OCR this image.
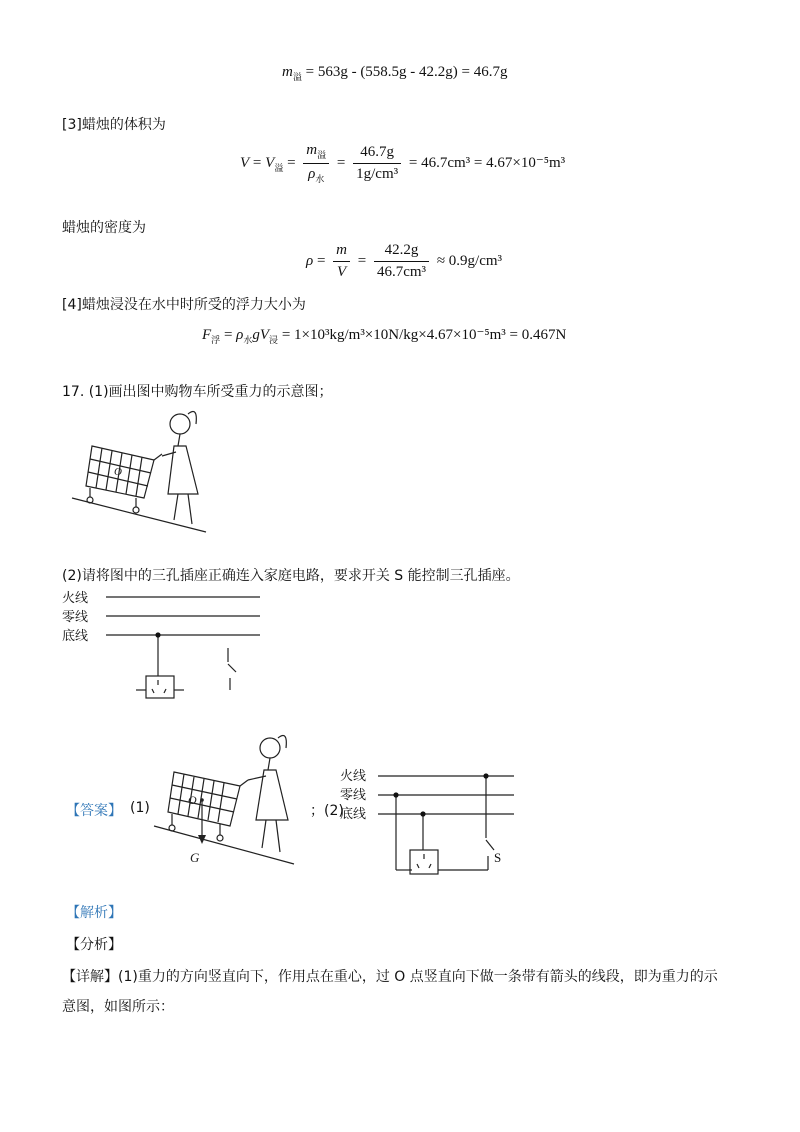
$m_溢 = 563g - (558.5g - 42.2g) = 46.7g$
[3]蜡烛的体积为
$V = V_溢 = \frac{m_溢}{\rho_水} = \frac{46.7g}{\text{1g/cm³}} = 46.7cm^3 = 4.67\times 10^{-5}m^3$
蜡烛的密度为
$\rho = \frac{m}{V} = \frac{42.2g}{\text{46.7cm³}} \approx 0.9g/cm^3$
[4]蜡烛浸没在水中时所受的浮力大小为
$F_浮 = \rho_水gV_浸 = 1\times 10^3kg/m^3\times 10N/kg\times 4.67\times 10^{-5}m^3 = 0.467N$
17. (1)画出图中购物车所受重力的示意图；
O
(2)请将图中的三孔插座正确连入家庭电路，要求开关 S 能控制三孔插座。
火线
零线
底线
【答案】 (1)	O
G
；(2)
火线
零线
底线
S
【解析】
【分析】
【详解】(1)重力的方向竖直向下，作用点在重心，过 O 点竖直向下做一条带有箭头的线段，即为重力的示
意图，如图所示：
